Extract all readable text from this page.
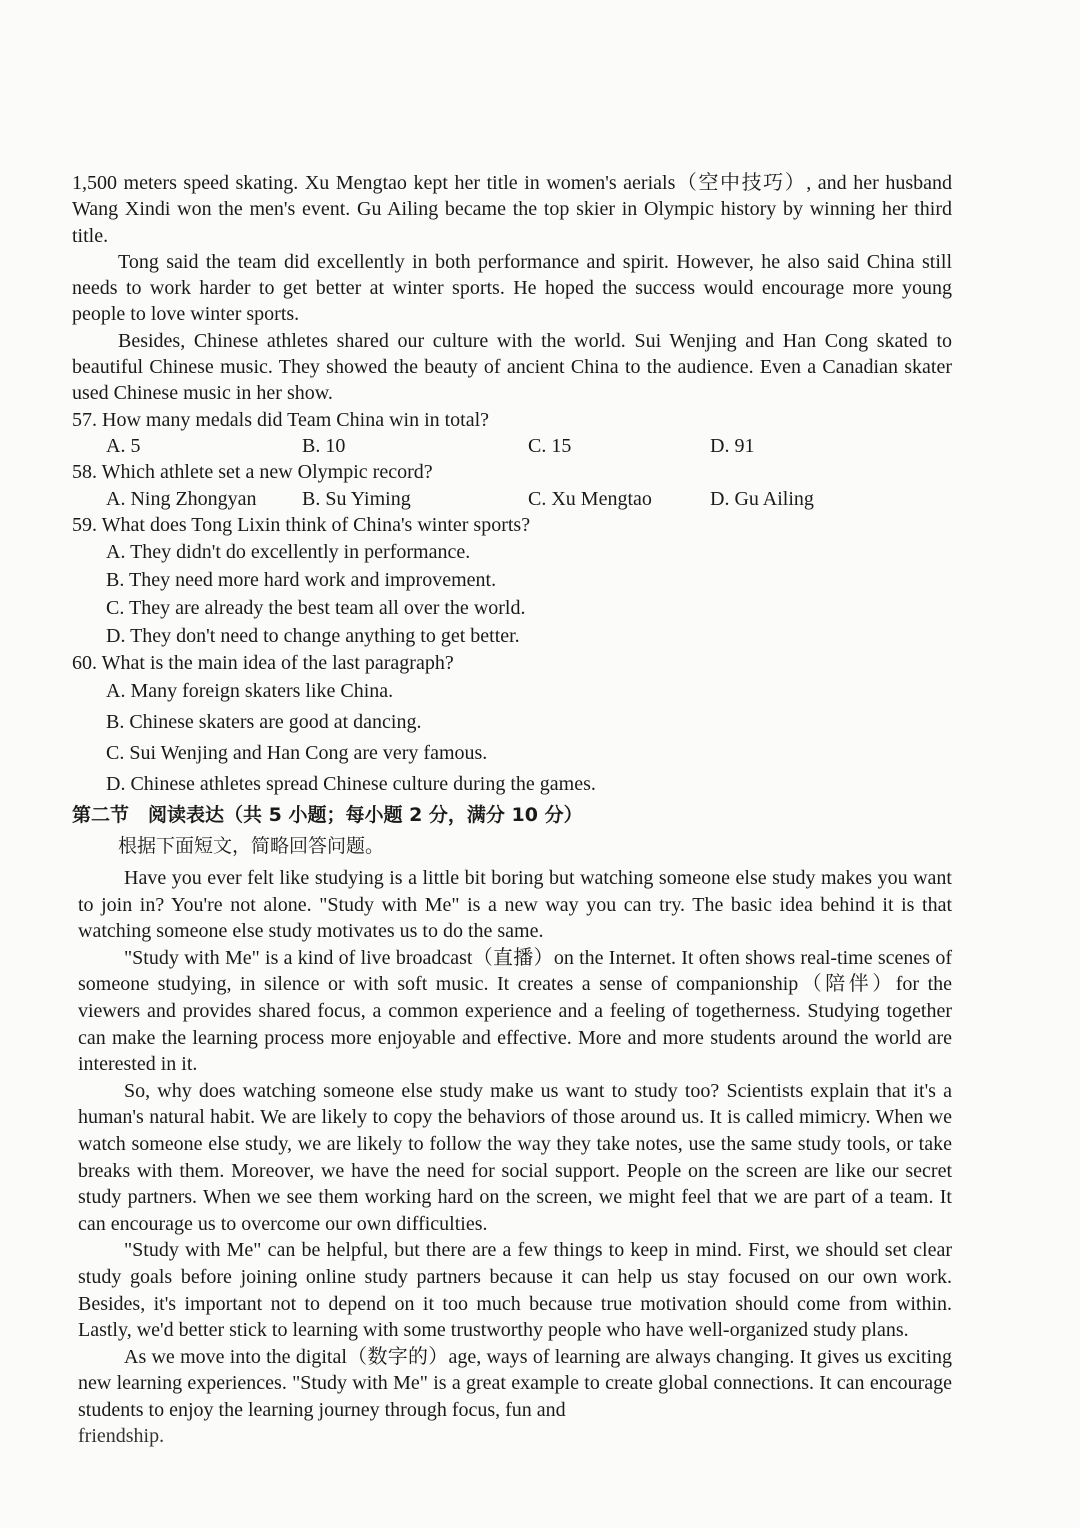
1,500 meters speed skating. Xu Mengtao kept her title in women's aerials（空中技巧）, and her husband Wang Xindi won the men's event. Gu Ailing became the top skier in Olympic history by winning her third title.

Tong said the team did excellently in both performance and spirit. However, he also said China still needs to work harder to get better at winter sports. He hoped the success would encourage more young people to love winter sports.

Besides, Chinese athletes shared our culture with the world. Sui Wenjing and Han Cong skated to beautiful Chinese music. They showed the beauty of ancient China to the audience. Even a Canadian skater used Chinese music in her show.

57. How many medals did Team China win in total?
A. 5	B. 10	C. 15	D. 91
58. Which athlete set a new Olympic record?
A. Ning Zhongyan	B. Su Yiming	C. Xu Mengtao	D. Gu Ailing
59. What does Tong Lixin think of China's winter sports?
A. They didn't do excellently in performance.
B. They need more hard work and improvement.
C. They are already the best team all over the world.
D. They don't need to change anything to get better.
60. What is the main idea of the last paragraph?
A. Many foreign skaters like China.
B. Chinese skaters are good at dancing.
C. Sui Wenjing and Han Cong are very famous.
D. Chinese athletes spread Chinese culture during the games.
第二节　阅读表达（共 5 小题；每小题 2 分，满分 10 分）
根据下面短文，简略回答问题。

Have you ever felt like studying is a little bit boring but watching someone else study makes you want to join in? You're not alone. "Study with Me" is a new way you can try. The basic idea behind it is that watching someone else study motivates us to do the same.

"Study with Me" is a kind of live broadcast（直播）on the Internet. It often shows real-time scenes of someone studying, in silence or with soft music. It creates a sense of companionship（陪伴）for the viewers and provides shared focus, a common experience and a feeling of togetherness. Studying together can make the learning process more enjoyable and effective. More and more students around the world are interested in it.

So, why does watching someone else study make us want to study too? Scientists explain that it's a human's natural habit. We are likely to copy the behaviors of those around us. It is called mimicry. When we watch someone else study, we are likely to follow the way they take notes, use the same study tools, or take breaks with them. Moreover, we have the need for social support. People on the screen are like our secret study partners. When we see them working hard on the screen, we might feel that we are part of a team. It can encourage us to overcome our own difficulties.

"Study with Me" can be helpful, but there are a few things to keep in mind. First, we should set clear study goals before joining online study partners because it can help us stay focused on our own work. Besides, it's important not to depend on it too much because true motivation should come from within. Lastly, we'd better stick to learning with some trustworthy people who have well-organized study plans.

As we move into the digital（数字的）age, ways of learning are always changing. It gives us exciting new learning experiences. "Study with Me" is a great example to create global connections. It can encourage students to enjoy the learning journey through focus, fun and

friendship.
